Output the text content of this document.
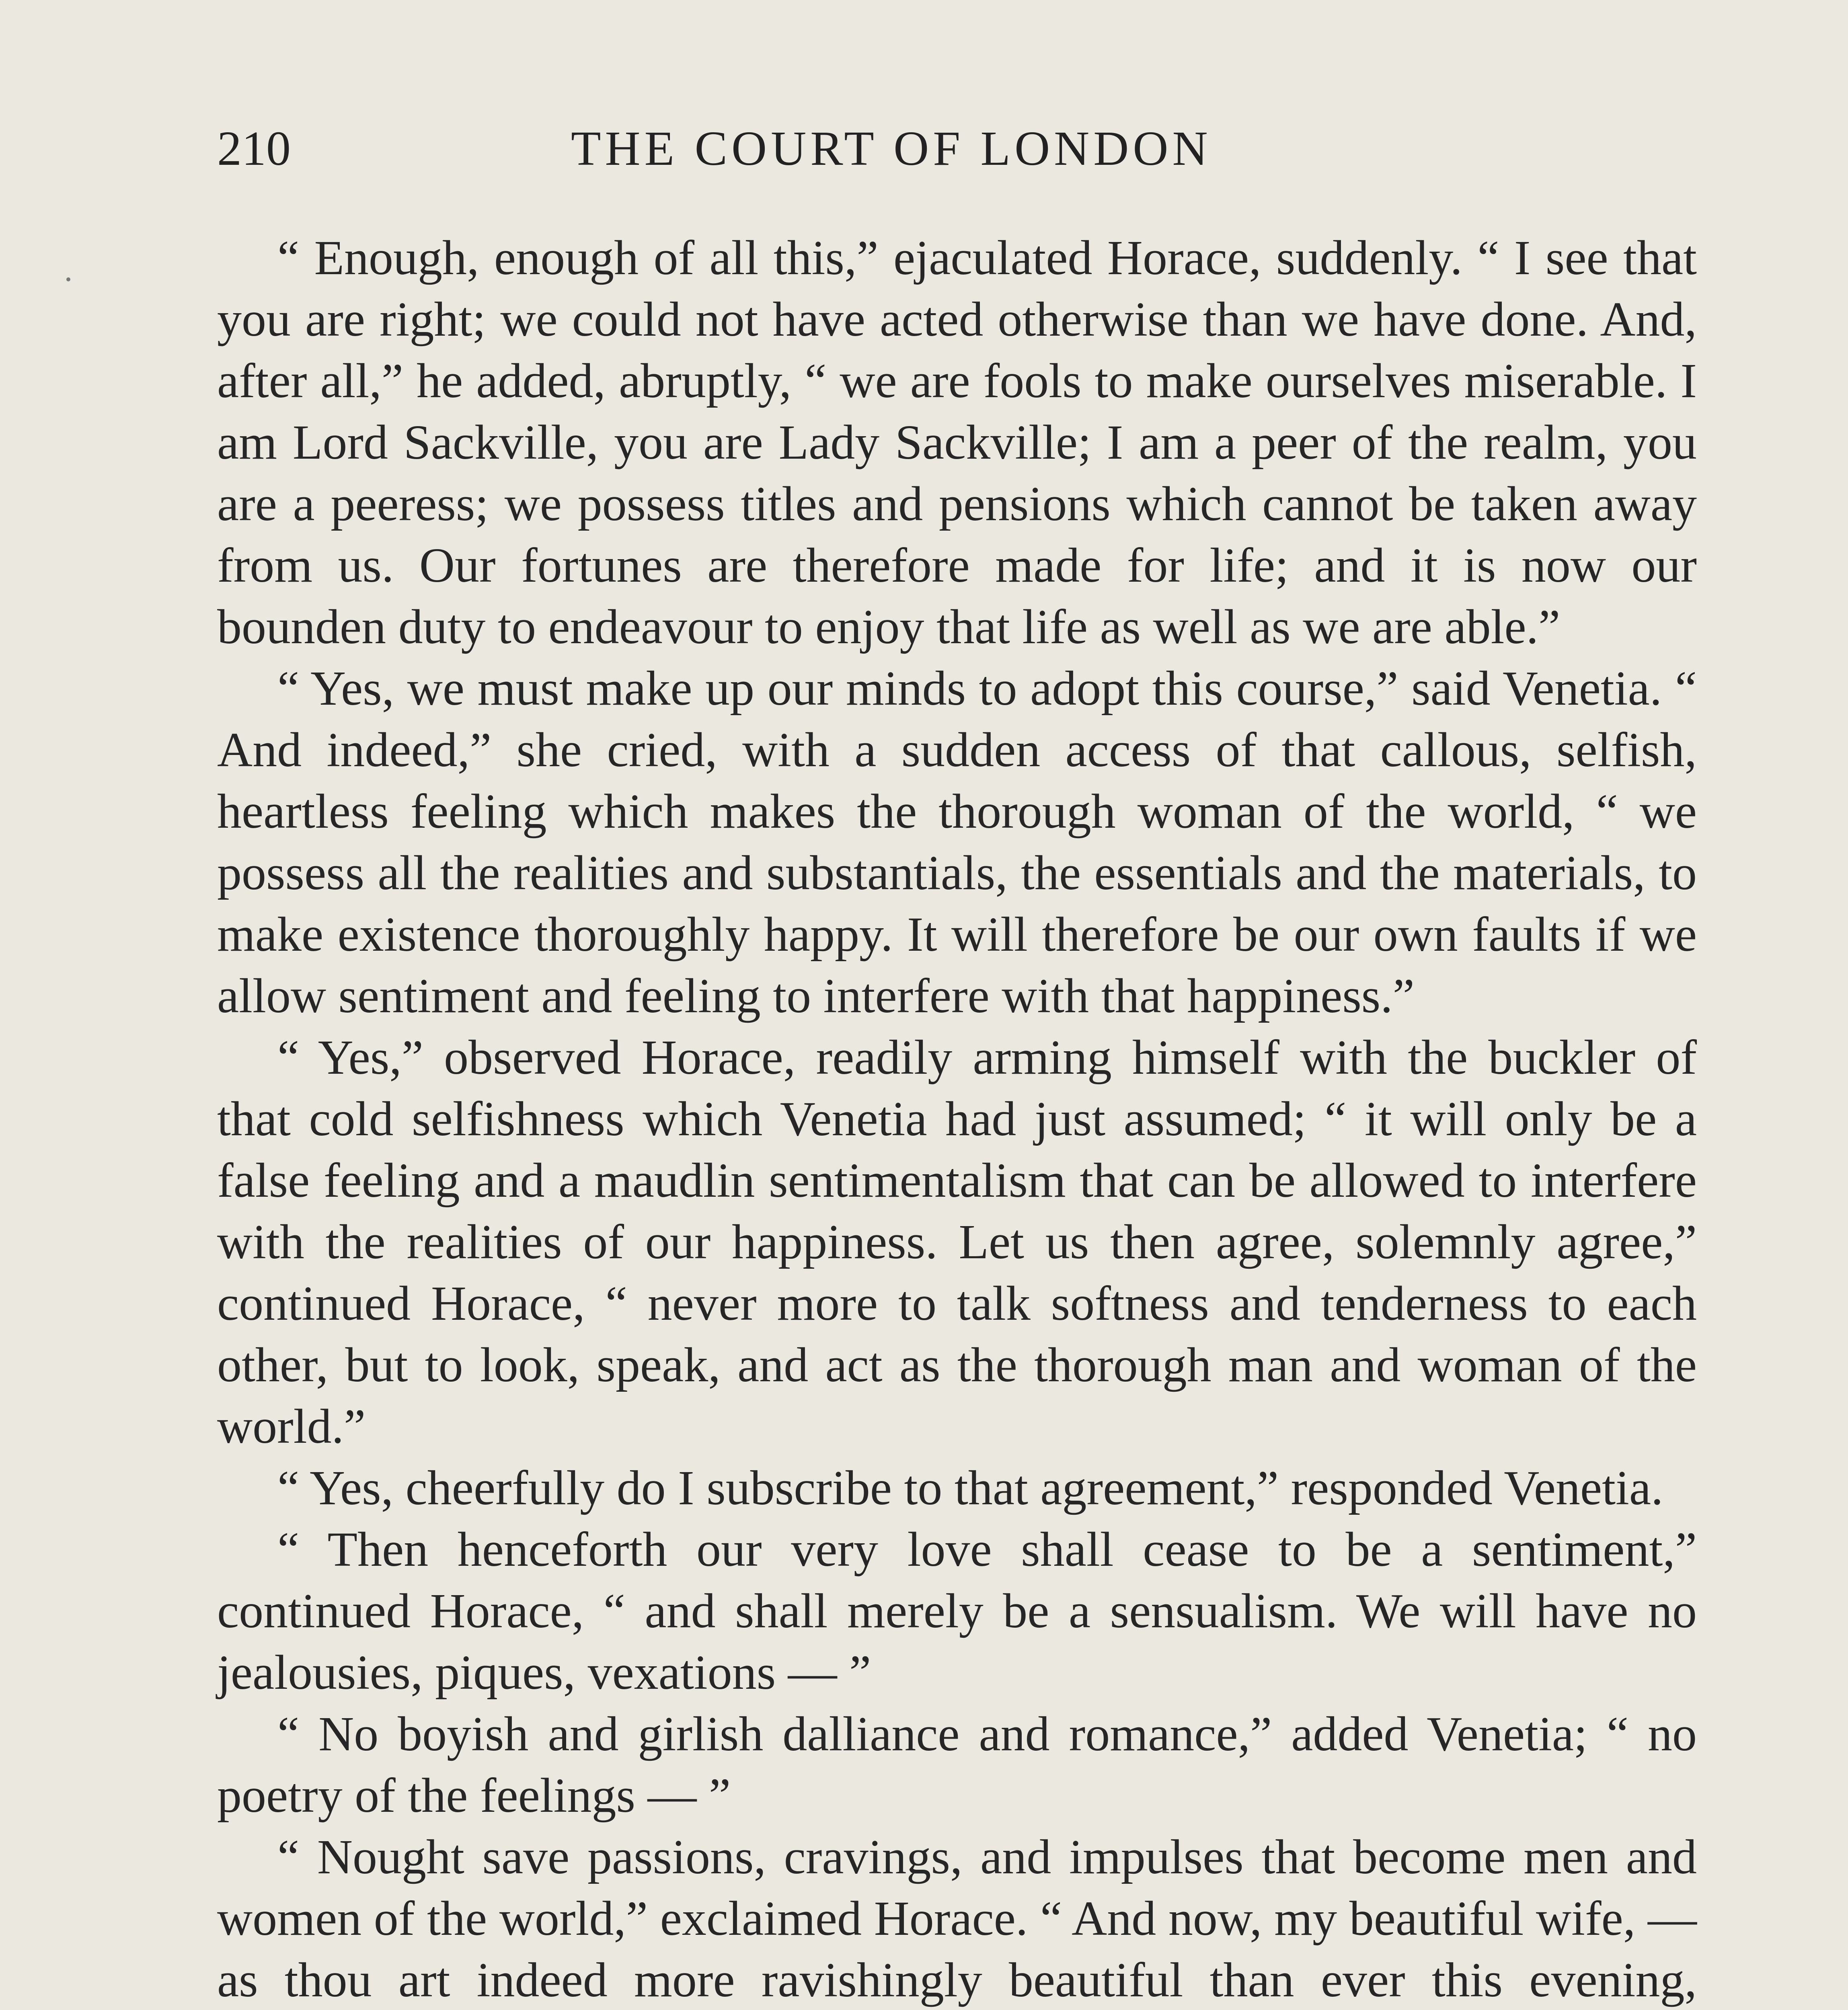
210	THE COURT OF LONDON

“ Enough, enough of all this,” ejaculated Horace, suddenly. “ I see that you are right; we could not have acted otherwise than we have done. And, after all,” he added, abruptly, “ we are fools to make ourselves miserable. I am Lord Sackville, you are Lady Sackville; I am a peer of the realm, you are a peeress; we possess titles and pensions which cannot be taken away from us. Our fortunes are therefore made for life; and it is now our bounden duty to endeavour to enjoy that life as well as we are able.”

“ Yes, we must make up our minds to adopt this course,” said Venetia. “ And indeed,” she cried, with a sudden access of that callous, selfish, heartless feeling which makes the thorough woman of the world, “ we possess all the realities and substantials, the essentials and the materials, to make existence thoroughly happy. It will therefore be our own faults if we allow sentiment and feeling to interfere with that happiness.”

“ Yes,” observed Horace, readily arming himself with the buckler of that cold selfishness which Venetia had just assumed; “ it will only be a false feeling and a maudlin sentimentalism that can be allowed to interfere with the realities of our happiness. Let us then agree, solemnly agree,” continued Horace, “ never more to talk softness and tenderness to each other, but to look, speak, and act as the thorough man and woman of the world.”

“ Yes, cheerfully do I subscribe to that agreement,” responded Venetia.

“ Then henceforth our very love shall cease to be a sentiment,” continued Horace, “ and shall merely be a sensualism. We will have no jealousies, piques, vexations — ”

“ No boyish and girlish dalliance and romance,” added Venetia; “ no poetry of the feelings — ”

“ Nought save passions, cravings, and impulses that become men and women of the world,” exclaimed Horace. “ And now, my beautiful wife, — as thou art indeed more ravishingly beautiful than ever this evening,
